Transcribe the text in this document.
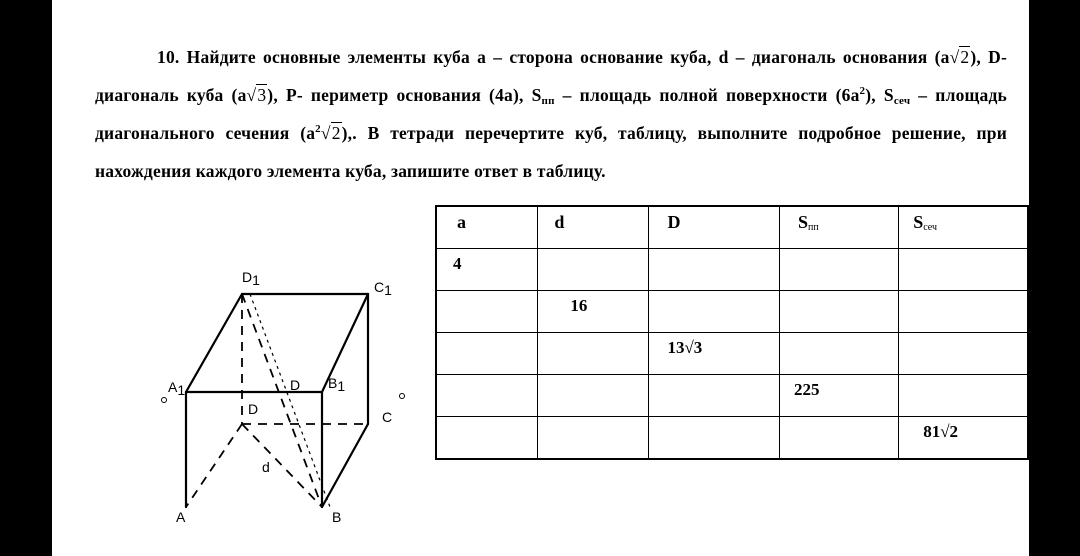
10. Найдите основные элементы куба a – сторона основание куба, d – диагональ основания (a√2), D-диагональ куба (a√3), P- периметр основания (4a), $S_{пп}$ – площадь полной поверхности $(6a^2)$, $S_{сеч}$ – площадь диагонального сечения $(a^2√2)$,. В тетради перечертите куб, таблицу, выполните подробное решение, при нахождения каждого элемента куба, запишите ответ в таблицу.
a	d	D	Sпп	Sсеч

4				

	16			

		13√3		

			225	

				81√2
D1	C1
A1	B1
D	C
A	B
D
d
